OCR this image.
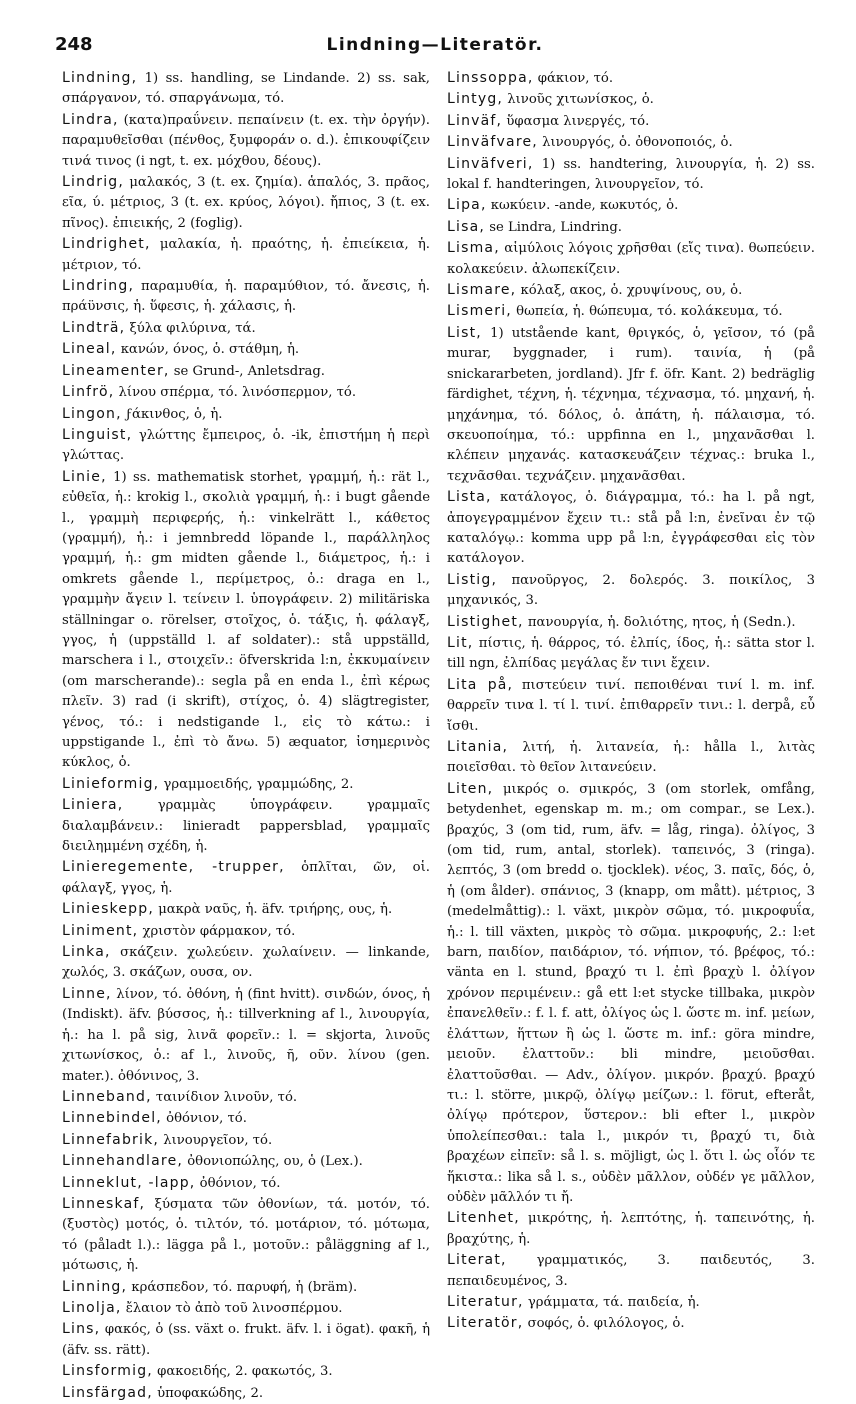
248	Lindning—Literatör.
Lindning, 1) ss. handling, se Lindande. 2) ss. sak, σπάργανον, τό. σπαργάνωμα, τό.
Lindra, (κατα)πραΰνειν. πεπαίνειν (t. ex. τὴν ὀργήν). παραμυθεῖσθαι (πένθος, ξυμφοράν o. d.). ἐπικουφίζειν τινά τινος (i ngt, t. ex. μόχθου, δέους).
Lindrig, μαλακός, 3 (t. ex. ζημία). ἁπαλός, 3. πρᾶος, εῖα, ύ. μέτριος, 3 (t. ex. κρύος, λόγοι). ἤπιος, 3 (t. ex. πῖνος). ἐπιεικής, 2 (foglig).
Lindrighet, μαλακία, ἡ. πραότης, ἡ. ἐπιείκεια, ἡ. μέτριον, τό.
Lindring, παραμυθία, ἡ. παραμύθιον, τό. ἄνεσις, ἡ. πράϋνσις, ἡ. ὕφεσις, ἡ. χάλασις, ἡ.
Lindträ, ξύλα φιλύρινα, τά.
Lineal, κανών, όνος, ὁ. στάθμη, ἡ.
Lineamenter, se Grund-, Anletsdrag.
Linfrö, λίνου σπέρμα, τό. λινόσπερμον, τό.
Lingon, ϝάκινθος, ὁ, ἡ.
Linguist, γλώττης ἔμπειρος, ὁ. -ik, ἐπιστήμη ἡ περὶ γλώττας.
Linie, 1) ss. mathematisk storhet, γραμμή, ἡ.: rät l., εὐθεῖα, ἡ.: krokig l., σκολιὰ γραμμή, ἡ.: i bugt gående l., γραμμὴ περιφερής, ἡ.: vinkelrätt l., κάθετος (γραμμή), ἡ.: i jemnbredd löpande l., παράλληλος γραμμή, ἡ.: gm midten gående l., διάμετρος, ἡ.: i omkrets gående l., περίμετρος, ὁ.: draga en l., γραμμὴν ἄγειν l. τείνειν l. ὑπογράφειν. 2) militäriska ställningar o. rörelser, στοῖχος, ὁ. τάξις, ἡ. φάλαγξ, γγος, ἡ (uppställd l. af soldater).: stå uppställd, marschera i l., στοιχεῖν.: öfverskrida l:n, ἐκκυμαίνειν (om marscherande).: segla på en enda l., ἐπὶ κέρως πλεῖν. 3) rad (i skrift), στίχος, ὁ. 4) slägtregister, γένος, τό.: i nedstigande l., εἰς τὸ κάτω.: i uppstigande l., ἐπὶ τὸ ἄνω. 5) æquator, ἰσημερινὸς κύκλος, ὁ.
Linieformig, γραμμοειδής, γραμμώδης, 2.
Liniera, γραμμὰς ὑπογράφειν. γραμμαῖς διαλαμβάνειν.: linieradt pappersblad, γραμμαῖς διειλημμένη σχέδη, ἡ.
Linieregemente, -trupper, ὁπλῖται, ῶν, οἱ. φάλαγξ, γγος, ἡ.
Linieskepp, μακρὰ ναῦς, ἡ. äfv. τριήρης, ους, ἡ.
Liniment, χριστὸν φάρμακον, τό.
Linka, σκάζειν. χωλεύειν. χωλαίνειν. — linkande, χωλός, 3. σκάζων, ουσα, ον.
Linne, λίνον, τό. ὀθόνη, ἡ (fint hvitt). σινδών, όνος, ἡ (Indiskt). äfv. βύσσος, ἡ.: tillverkning af l., λινουργία, ἡ.: ha l. på sig, λινᾶ φορεῖν.: l. = skjorta, λινοῦς χιτωνίσκος, ὁ.: af l., λινοῦς, ῆ, οῦν. λίνου (gen. mater.). ὀθόνινος, 3.
Linneband, ταινίδιον λινοῦν, τό.
Linnebindel, ὀθόνιον, τό.
Linnefabrik, λινουργεῖον, τό.
Linnehandlare, ὀθονιοπώλης, ου, ὁ (Lex.).
Linneklut, -lapp, ὀθόνιον, τό.
Linneskaf, ξύσματα τῶν ὀθονίων, τά. μοτόν, τό. (ξυστὸς) μοτός, ὁ. τιλτόν, τό. μοτάριον, τό. μότωμα, τό (påladt l.).: lägga på l., μοτοῦν.: påläggning af l., μότωσις, ἡ.
Linning, κράσπεδον, τό. παρυφή, ἡ (bräm).
Linolja, ἔλαιον τὸ ἀπὸ τοῦ λινοσπέρμου.
Lins, φακός, ὁ (ss. växt o. frukt. äfv. l. i ögat). φακῆ, ἡ (äfv. ss. rätt).
Linsformig, φακοειδής, 2. φακωτός, 3.
Linsfärgad, ὑποφακώδης, 2.
Linssoppa, φάκιον, τό.
Lintyg, λινοῦς χιτωνίσκος, ὁ.
Linväf, ὕφασμα λινεργές, τό.
Linväfvare, λινουργός, ὁ. ὀθονοποιός, ὁ.
Linväfveri, 1) ss. handtering, λινουργία, ἡ. 2) ss. lokal f. handteringen, λινουργεῖον, τό.
Lipa, κωκύειν. -ande, κωκυτός, ὁ.
Lisa, se Lindra, Lindring.
Lisma, αἱμύλοις λόγοις χρῆσθαι (εἴς τινα). θωπεύειν. κολακεύειν. ἀλωπεκίζειν.
Lismare, κόλαξ, ακος, ὁ. χρυψίνους, ου, ὁ.
Lismeri, θωπεία, ἡ. θώπευμα, τό. κολάκευμα, τό.
List, 1) utstående kant, θριγκός, ὁ, γεῖσον, τό (på murar, byggnader, i rum). ταινία, ἡ (på snickararbeten, jordland). Jfr f. öfr. Kant. 2) bedräglig färdighet, τέχνη, ἡ. τέχνημα, τέχνασμα, τό. μηχανή, ἡ. μηχάνημα, τό. δόλος, ὁ. ἀπάτη, ἡ. πάλαισμα, τό. σκευοποίημα, τό.: uppfinna en l., μηχανᾶσθαι l. κλέπειν μηχανάς. κατασκευάζειν τέχνας.: bruka l., τεχνᾶσθαι. τεχνάζειν. μηχανᾶσθαι.
Lista, κατάλογος, ὁ. διάγραμμα, τό.: ha l. på ngt, ἀπογεγραμμένον ἔχειν τι.: stå på l:n, ἐνεῖναι ἐν τῷ καταλόγῳ.: komma upp på l:n, ἐγγράφεσθαι εἰς τὸν κατάλογον.
Listig, πανοῦργος, 2. δολερός. 3. ποικίλος, 3 μηχανικός, 3.
Listighet, πανουργία, ἡ. δολιότης, ητος, ἡ (Sedn.).
Lit, πίστις, ἡ. θάρρος, τό. ἐλπίς, ίδος, ἡ.: sätta stor l. till ngn, ἐλπίδας μεγάλας ἔν τινι ἔχειν.
Lita på, πιστεύειν τινί. πεποιθέναι τινί l. m. inf. θαρρεῖν τινα l. τί l. τινί. ἐπιθαρρεῖν τινι.: l. derpå, εὖ ἴσθι.
Litania, λιτή, ἡ. λιτανεία, ἡ.: hålla l., λιτὰς ποιεῖσθαι. τὸ θεῖον λιτανεύειν.
Liten, μικρός o. σμικρός, 3 (om storlek, omfång, betydenhet, egenskap m. m.; om compar., se Lex.). βραχύς, 3 (om tid, rum, äfv. = låg, ringa). ὀλίγος, 3 (om tid, rum, antal, storlek). ταπεινός, 3 (ringa). λεπτός, 3 (om bredd o. tjocklek). νέος, 3. παῖς, δός, ὁ, ἡ (om ålder). σπάνιος, 3 (knapp, om mått). μέτριος, 3 (medelmåttig).: l. växt, μικρὸν σῶμα, τό. μικροφυΐα, ἡ.: l. till växten, μικρὸς τὸ σῶμα. μικροφυής, 2.: l:et barn, παιδίον, παιδάριον, τό. νήπιον, τό. βρέφος, τό.: vänta en l. stund, βραχύ τι l. ἐπὶ βραχὺ l. ὀλίγον χρόνον περιμένειν.: gå ett l:et stycke tillbaka, μικρὸν ἐπανελθεῖν.: f. l. f. att, ὀλίγος ὡς l. ὥστε m. inf. μείων, ἐλάττων, ἥττων ἢ ὡς l. ὥστε m. inf.: göra mindre, μειοῦν. ἐλαττοῦν.: bli mindre, μειοῦσθαι. ἐλαττοῦσθαι. — Adv., ὀλίγον. μικρόν. βραχύ. βραχύ τι.: l. större, μικρῷ, ὀλίγῳ μείζων.: l. förut, efteråt, ὀλίγῳ πρότερον, ὕστερον.: bli efter l., μικρὸν ὑπολείπεσθαι.: tala l., μικρόν τι, βραχύ τι, διὰ βραχέων εἰπεῖν: så l. s. möjligt, ὡς l. ὅτι l. ὡς οἷόν τε ἥκιστα.: lika så l. s., οὐδὲν μᾶλλον, οὐδέν γε μᾶλλον, οὐδὲν μᾶλλόν τι ἤ.
Litenhet, μικρότης, ἡ. λεπτότης, ἡ. ταπεινότης, ἡ. βραχύτης, ἡ.
Literat, γραμματικός, 3. παιδευτός, 3. πεπαιδευμένος, 3.
Literatur, γράμματα, τά. παιδεία, ἡ.
Literatör, σοφός, ὁ. φιλόλογος, ὁ.
